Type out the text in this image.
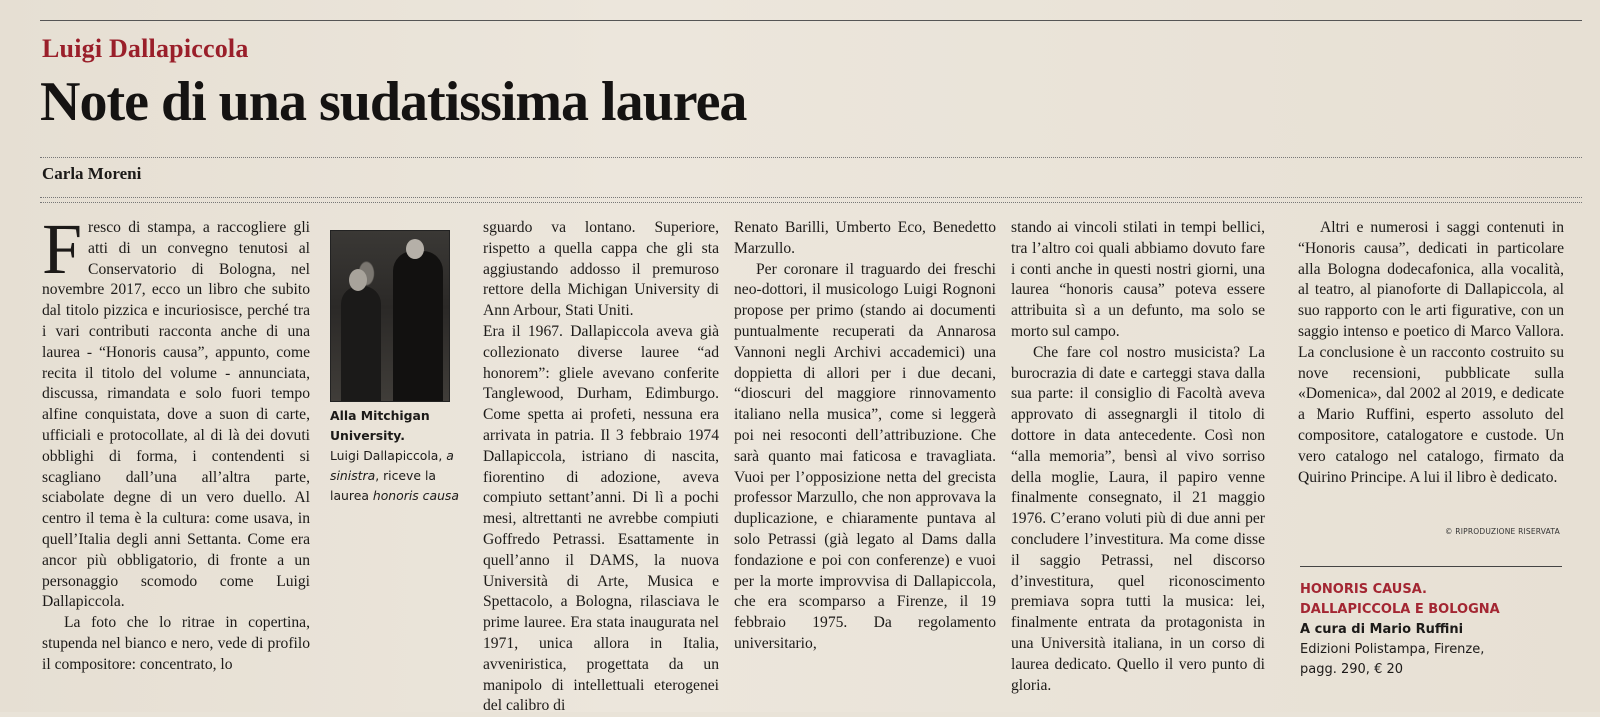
Luigi Dallapiccola
Note di una sudatissima laurea
Carla Moreni

Fresco di stampa, a raccogliere gli atti di un convegno tenutosi al Conservatorio di Bologna, nel novembre 2017, ecco un libro che subito dal titolo pizzica e incuriosisce, perché tra i vari contributi racconta anche di una laurea - “Honoris causa”, appunto, come recita il titolo del volume - annunciata, discussa, rimandata e solo fuori tempo alfine conquistata, dove a suon di carte, ufficiali e protocollate, al di là dei dovuti obblighi di forma, i contendenti si scagliano dall’una all’altra parte, sciabolate degne di un vero duello. Al centro il tema è la cultura: come usava, in quell’Italia degli anni Settanta. Come era ancor più obbligatorio, di fronte a un personaggio scomodo come Luigi Dallapiccola.

La foto che lo ritrae in copertina, stupenda nel bianco e nero, vede di profilo il compositore: concentrato, lo

Alla Mitchigan University.
Luigi Dallapiccola, a sinistra, riceve la laurea honoris causa

sguardo va lontano. Superiore, rispetto a quella cappa che gli sta aggiustando addosso il premuroso rettore della Michigan University di Ann Arbour, Stati Uniti.

Era il 1967. Dallapiccola aveva già collezionato diverse lauree “ad honorem”: gliele avevano conferite Tanglewood, Durham, Edimburgo. Come spetta ai profeti, nessuna era arrivata in patria. Il 3 febbraio 1974 Dallapiccola, istriano di nascita, fiorentino di adozione, aveva compiuto settant’anni. Di lì a pochi mesi, altrettanti ne avrebbe compiuti Goffredo Petrassi. Esattamente in quell’anno il DAMS, la nuova Università di Arte, Musica e Spettacolo, a Bologna, rilasciava le prime lauree. Era stata inaugurata nel 1971, unica allora in Italia, avveniristica, progettata da un manipolo di intellettuali eterogenei del calibro di

Renato Barilli, Umberto Eco, Benedetto Marzullo.

Per coronare il traguardo dei freschi neo-dottori, il musicologo Luigi Rognoni propose per primo (stando ai documenti puntualmente recuperati da Annarosa Vannoni negli Archivi accademici) una doppietta di allori per i due decani, “dioscuri del maggiore rinnovamento italiano nella musica”, come si leggerà poi nei resoconti dell’attribuzione. Che sarà quanto mai faticosa e travagliata. Vuoi per l’opposizione netta del grecista professor Marzullo, che non approvava la duplicazione, e chiaramente puntava al solo Petrassi (già legato al Dams dalla fondazione e poi con conferenze) e vuoi per la morte improvvisa di Dallapiccola, che era scomparso a Firenze, il 19 febbraio 1975. Da regolamento universitario,

stando ai vincoli stilati in tempi bellici, tra l’altro coi quali abbiamo dovuto fare i conti anche in questi nostri giorni, una laurea “honoris causa” poteva essere attribuita sì a un defunto, ma solo se morto sul campo.

Che fare col nostro musicista? La burocrazia di date e carteggi stava dalla sua parte: il consiglio di Facoltà aveva approvato di assegnargli il titolo di dottore in data antecedente. Così non “alla memoria”, bensì al vivo sorriso della moglie, Laura, il papiro venne finalmente consegnato, il 21 maggio 1976. C’erano voluti più di due anni per concludere l’investitura. Ma come disse il saggio Petrassi, nel discorso d’investitura, quel riconoscimento premiava sopra tutti la musica: lei, finalmente entrata da protagonista in una Università italiana, in un corso di laurea dedicato. Quello il vero punto di gloria.

Altri e numerosi i saggi contenuti in “Honoris causa”, dedicati in particolare alla Bologna dodecafonica, alla vocalità, al teatro, al pianoforte di Dallapiccola, al suo rapporto con le arti figurative, con un saggio intenso e poetico di Marco Vallora. La conclusione è un racconto costruito su nove recensioni, pubblicate sulla «Domenica», dal 2002 al 2019, e dedicate a Mario Ruffini, esperto assoluto del compositore, catalogatore e custode. Un vero catalogo nel catalogo, firmato da Quirino Principe. A lui il libro è dedicato.

© RIPRODUZIONE RISERVATA
HONORIS CAUSA.
DALLAPICCOLA E BOLOGNA
A cura di Mario Ruffini
Edizioni Polistampa, Firenze,
pagg. 290, € 20
